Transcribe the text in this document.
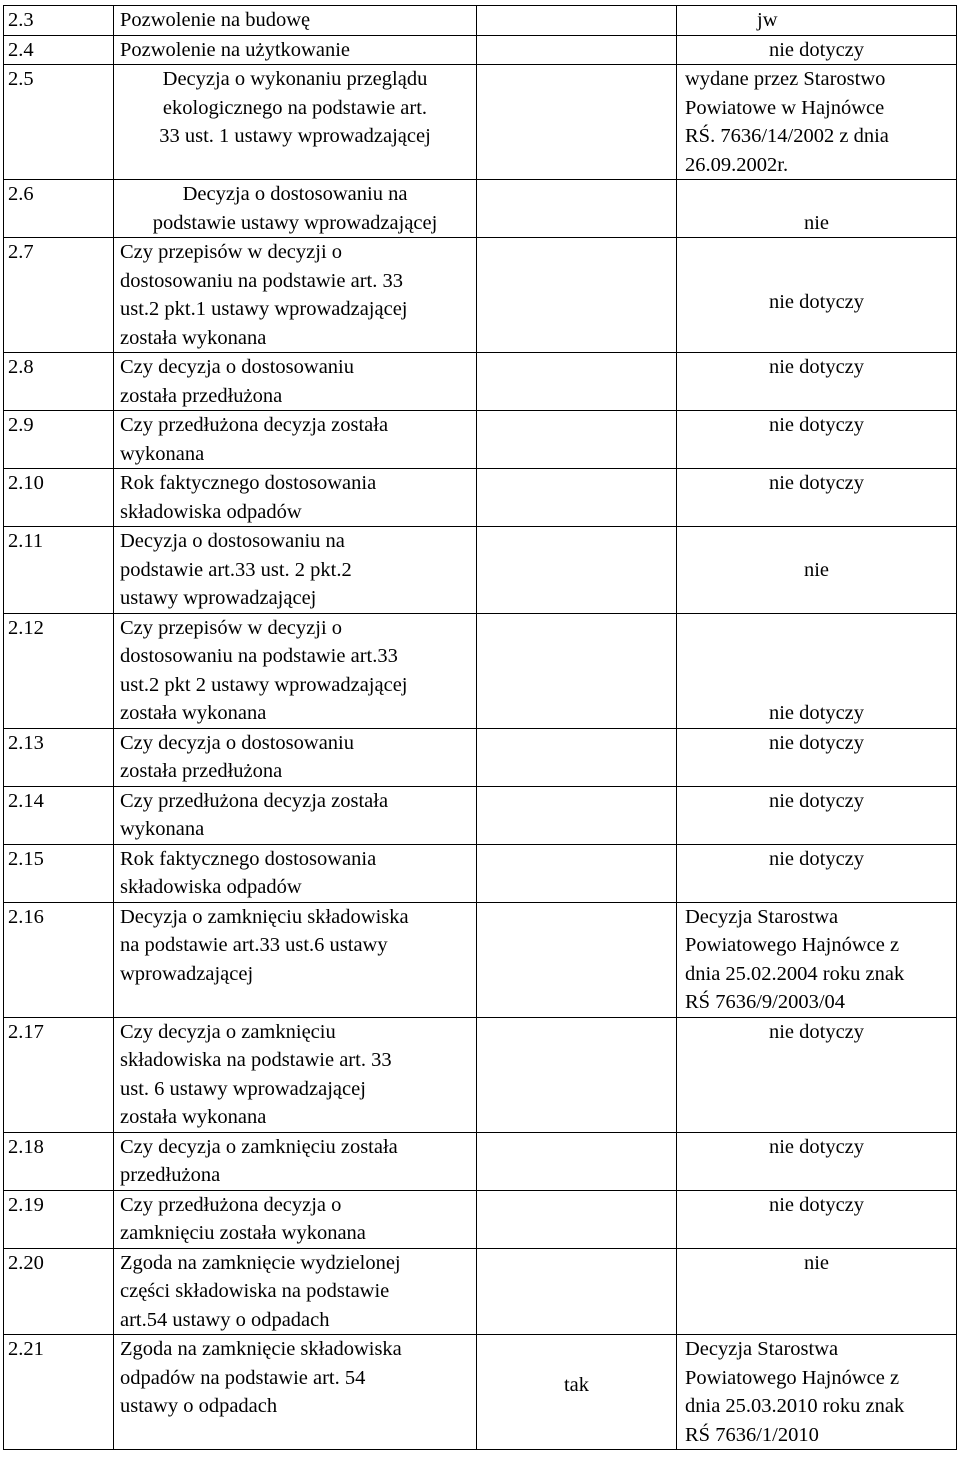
2.3	Pozwolenie na budowę		jw
2.4	Pozwolenie na użytkowanie		nie dotyczy
2.5	Decyzja o wykonaniu przeglądu
ekologicznego na podstawie art.
33 ust. 1 ustawy wprowadzającej		wydane przez Starostwo
Powiatowe w Hajnówce
RŚ. 7636/14/2002 z dnia
26.09.2002r.
2.6	Decyzja o dostosowaniu na
podstawie ustawy wprowadzającej		nie
2.7	Czy przepisów w decyzji o
dostosowaniu na podstawie art. 33
ust.2 pkt.1 ustawy wprowadzającej
została wykonana		nie dotyczy
2.8	Czy decyzja o dostosowaniu
została przedłużona		nie dotyczy
2.9	Czy przedłużona decyzja została
wykonana		nie dotyczy
2.10	Rok faktycznego dostosowania
składowiska odpadów		nie dotyczy
2.11	Decyzja o dostosowaniu na
podstawie art.33 ust. 2 pkt.2
ustawy wprowadzającej		nie
2.12	Czy przepisów w decyzji o
dostosowaniu na podstawie art.33
ust.2 pkt 2 ustawy wprowadzającej
została wykonana		nie dotyczy
2.13	Czy decyzja o dostosowaniu
została przedłużona		nie dotyczy
2.14	Czy przedłużona decyzja została
wykonana		nie dotyczy
2.15	Rok faktycznego dostosowania
składowiska odpadów		nie dotyczy
2.16	Decyzja o zamknięciu składowiska
na podstawie art.33 ust.6 ustawy
wprowadzającej		Decyzja Starostwa
Powiatowego Hajnówce z
dnia 25.02.2004 roku znak
RŚ 7636/9/2003/04
2.17	Czy decyzja o zamknięciu
składowiska na podstawie art. 33
ust. 6 ustawy wprowadzającej
została wykonana		nie dotyczy
2.18	Czy decyzja o zamknięciu została
przedłużona		nie dotyczy
2.19	Czy przedłużona decyzja o
zamknięciu została wykonana		nie dotyczy
2.20	Zgoda na zamknięcie wydzielonej
części składowiska na podstawie
art.54 ustawy o odpadach		nie
2.21	Zgoda na zamknięcie składowiska
odpadów na podstawie art. 54
ustawy o odpadach	tak	Decyzja Starostwa
Powiatowego Hajnówce z
dnia 25.03.2010 roku znak
RŚ 7636/1/2010
